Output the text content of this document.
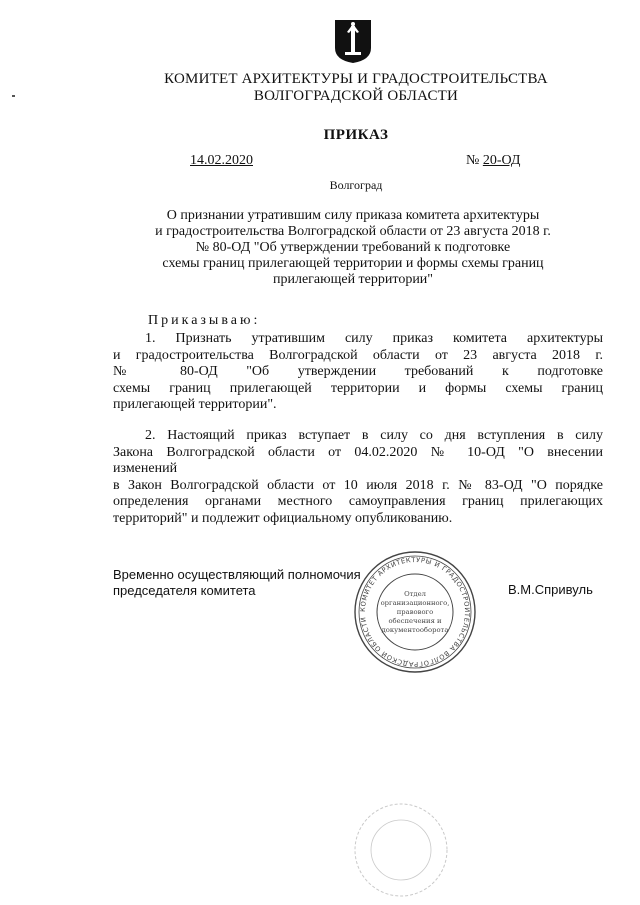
КОМИТЕТ АРХИТЕКТУРЫ И ГРАДОСТРОИТЕЛЬСТВА
ВОЛГОГРАДСКОЙ ОБЛАСТИ
ПРИКАЗ
14.02.2020	№ 20-ОД
Волгоград
О признании утратившим силу приказа комитета архитектуры
и градостроительства Волгоградской области от 23 августа 2018 г.
№ 80-ОД "Об утверждении требований к подготовке
схемы границ прилегающей территории и формы схемы границ
прилегающей территории"
Приказываю:
1. Признать утратившим силу приказ комитета архитектуры
и градостроительства Волгоградской области от 23 августа 2018 г.
№ 80-ОД "Об утверждении требований к подготовке
схемы границ прилегающей территории и формы схемы границ
прилегающей территории".
2. Настоящий приказ вступает в силу со дня вступления в силу
Закона Волгоградской области от 04.02.2020 № 10-ОД "О внесении
изменений
в Закон Волгоградской области от 10 июля 2018 г. № 83-ОД "О порядке
определения органами местного самоуправления границ прилегающих
территорий" и подлежит официальному опубликованию.
Временно осуществляющий полномочия
председателя комитета	В.М.Спривуль
КОМИТЕТ АРХИТЕКТУРЫ И ГРАДОСТРОИТЕЛЬСТВА ВОЛГОГРАДСКОЙ ОБЛАСТИ
Отдел
организационного,
правового
обеспечения и
документооборота
